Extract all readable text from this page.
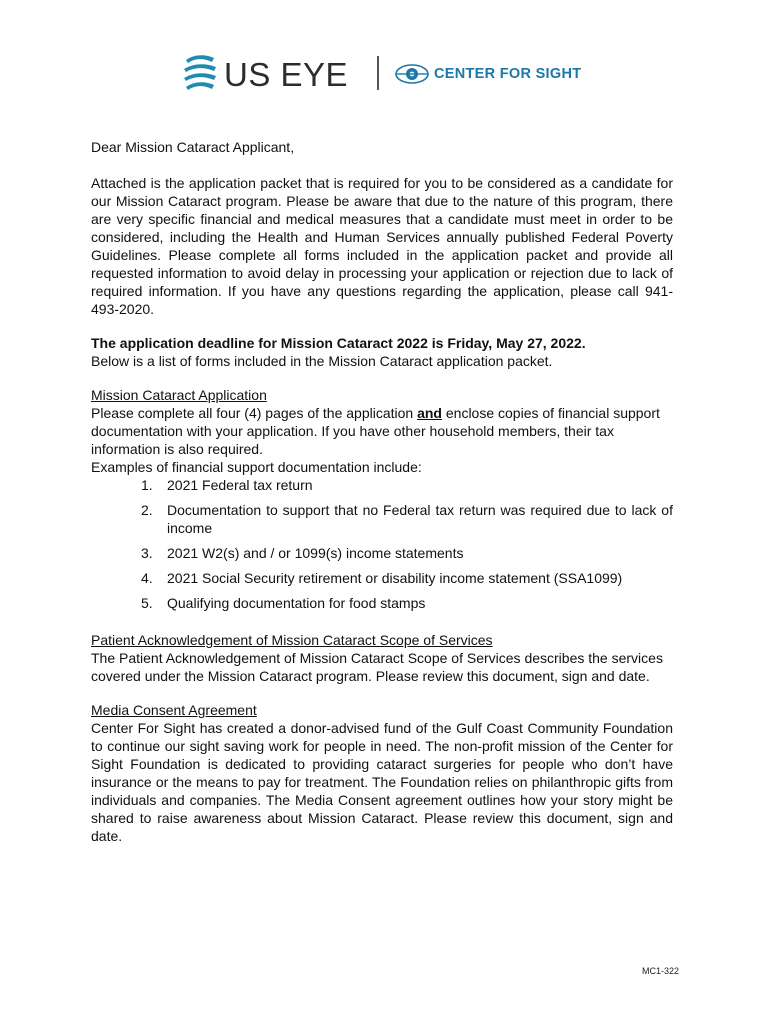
US EYE	CENTER FOR SIGHT

Dear Mission Cataract Applicant,

Attached is the application packet that is required for you to be considered as a candidate for our Mission Cataract program. Please be aware that due to the nature of this program, there are very specific financial and medical measures that a candidate must meet in order to be considered, including the Health and Human Services annually published Federal Poverty Guidelines. Please complete all forms included in the application packet and provide all requested information to avoid delay in processing your application or rejection due to lack of required information. If you have any questions regarding the application, please call 941-493-2020.

The application deadline for Mission Cataract 2022 is Friday, May 27, 2022.

Below is a list of forms included in the Mission Cataract application packet.

Mission Cataract Application

Please complete all four (4) pages of the application and enclose copies of financial support documentation with your application. If you have other household members, their tax information is also required.

Examples of financial support documentation include:

1. 2021 Federal tax return
2. Documentation to support that no Federal tax return was required due to lack of income
3. 2021 W2(s) and / or 1099(s) income statements
4. 2021 Social Security retirement or disability income statement (SSA1099)
5. Qualifying documentation for food stamps

Patient Acknowledgement of Mission Cataract Scope of Services

The Patient Acknowledgement of Mission Cataract Scope of Services describes the services covered under the Mission Cataract program. Please review this document, sign and date.

Media Consent Agreement

Center For Sight has created a donor-advised fund of the Gulf Coast Community Foundation to continue our sight saving work for people in need. The non-profit mission of the Center for Sight Foundation is dedicated to providing cataract surgeries for people who don’t have insurance or the means to pay for treatment. The Foundation relies on philanthropic gifts from individuals and companies. The Media Consent agreement outlines how your story might be shared to raise awareness about Mission Cataract. Please review this document, sign and date.

MC1-322
